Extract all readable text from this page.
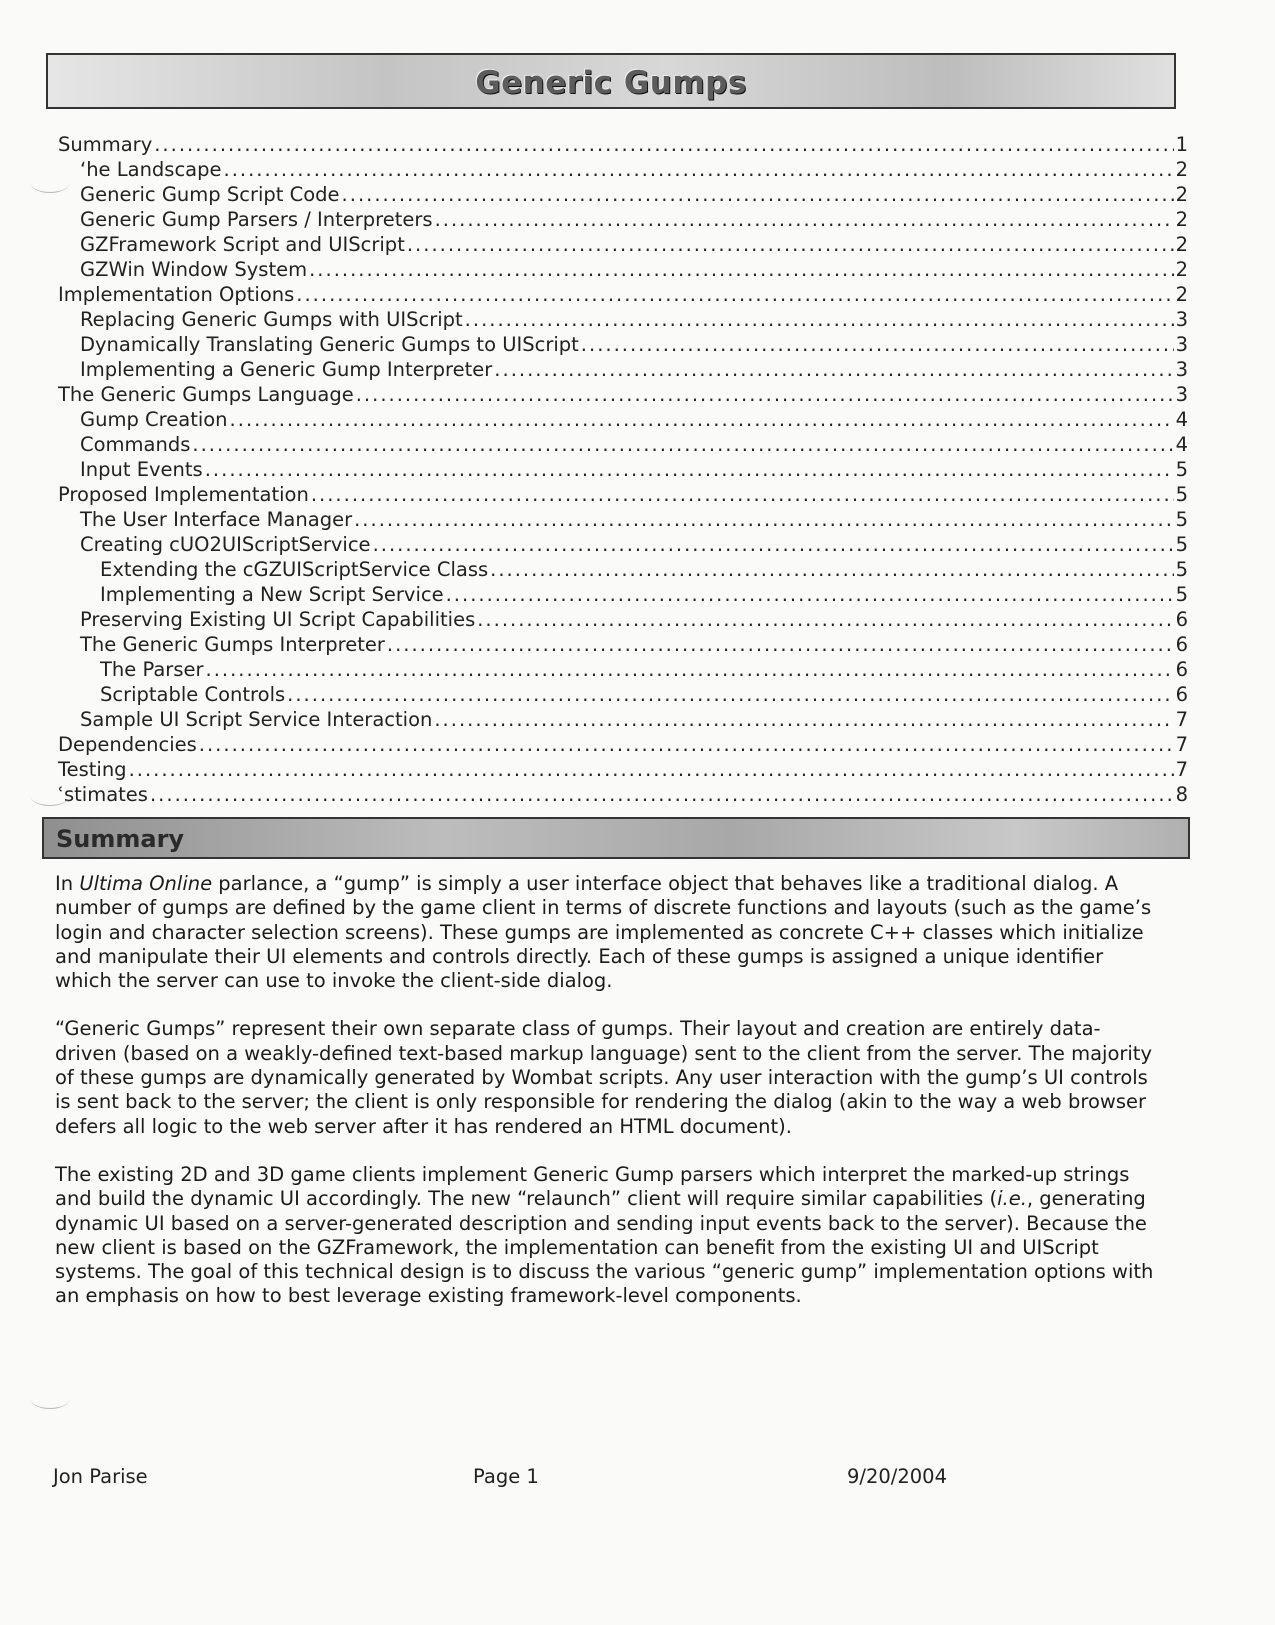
Generic Gumps
Summary .....	1
ʻhe Landscape .....	2
Generic Gump Script Code .....	2
Generic Gump Parsers / Interpreters .....	2
GZFramework Script and UIScript .....	2
GZWin Window System .....	2
Implementation Options .....	2
Replacing Generic Gumps with UIScript .....	3
Dynamically Translating Generic Gumps to UIScript .....	3
Implementing a Generic Gump Interpreter .....	3
The Generic Gumps Language .....	3
Gump Creation .....	4
Commands .....	4
Input Events .....	5
Proposed Implementation .....	5
The User Interface Manager .....	5
Creating cUO2UIScriptService .....	5
Extending the cGZUIScriptService Class .....	5
Implementing a New Script Service .....	5
Preserving Existing UI Script Capabilities .....	6
The Generic Gumps Interpreter .....	6
The Parser .....	6
Scriptable Controls .....	6
Sample UI Script Service Interaction .....	7
Dependencies .....	7
Testing .....	7
ʿstimates .....	8
Summary

In Ultima Online parlance, a “gump” is simply a user interface object that behaves like a traditional dialog. A number of gumps are defined by the game client in terms of discrete functions and layouts (such as the game’s login and character selection screens). These gumps are implemented as concrete C++ classes which initialize and manipulate their UI elements and controls directly. Each of these gumps is assigned a unique identifier which the server can use to invoke the client-side dialog.

“Generic Gumps” represent their own separate class of gumps. Their layout and creation are entirely data-driven (based on a weakly-defined text-based markup language) sent to the client from the server. The majority of these gumps are dynamically generated by Wombat scripts. Any user interaction with the gump’s UI controls is sent back to the server; the client is only responsible for rendering the dialog (akin to the way a web browser defers all logic to the web server after it has rendered an HTML document).

The existing 2D and 3D game clients implement Generic Gump parsers which interpret the marked-up strings and build the dynamic UI accordingly. The new “relaunch” client will require similar capabilities (i.e., generating dynamic UI based on a server-generated description and sending input events back to the server). Because the new client is based on the GZFramework, the implementation can benefit from the existing UI and UIScript systems. The goal of this technical design is to discuss the various “generic gump” implementation options with an emphasis on how to best leverage existing framework-level components.

Jon Parise	Page 1	9/20/2004
